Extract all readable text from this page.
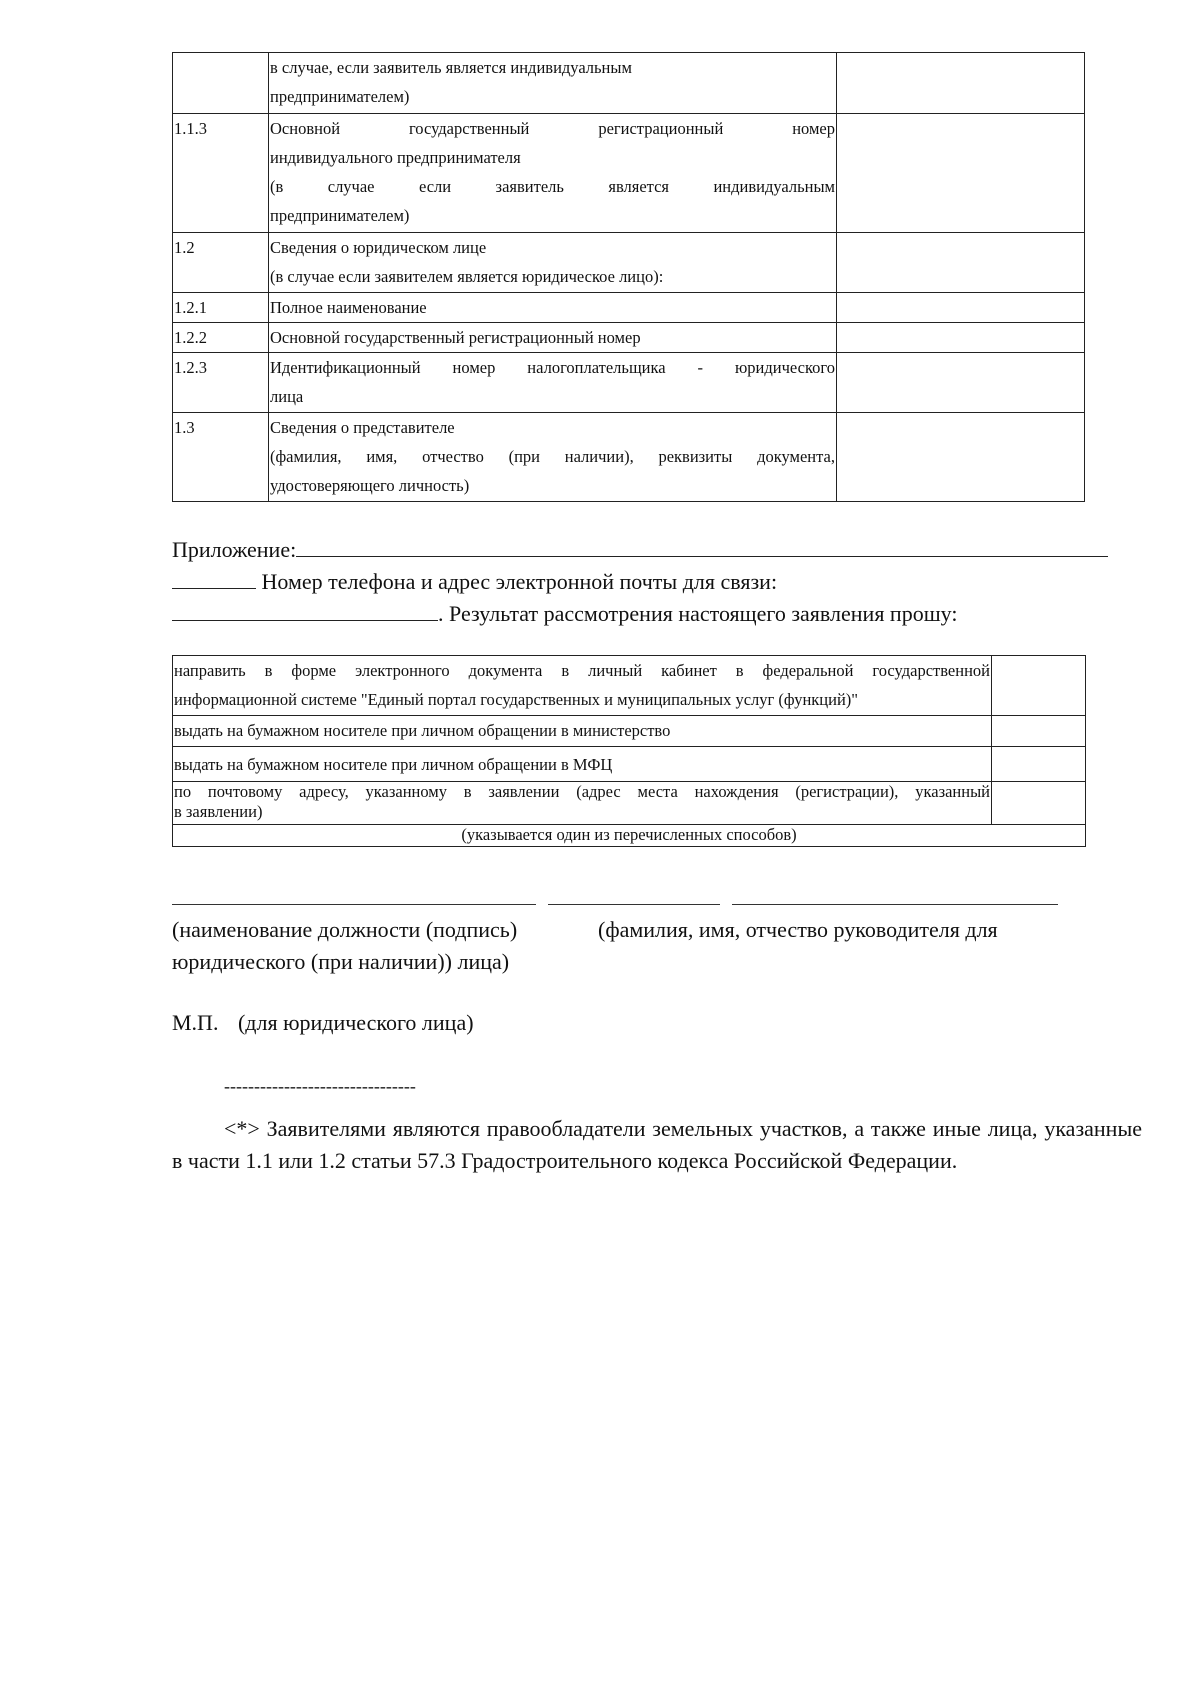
	в случае, если заявитель является индивидуальным
предпринимателем)	

1.1.3	Основной государственный регистрационный номер
индивидуального предпринимателя
(в случае если заявитель является индивидуальным
предпринимателем)	

1.2	Сведения о юридическом лице
(в случае если заявителем является юридическое лицо):	

1.2.1	Полное наименование	

1.2.2	Основной государственный регистрационный номер	

1.2.3	Идентификационный номер налогоплательщика - юридического
лица	

1.3	Сведения о представителе
(фамилия, имя, отчество (при наличии), реквизиты документа,
удостоверяющего личность)	

Приложение:
Номер телефона и адрес электронной почты для связи:
. Результат рассмотрения настоящего заявления прошу:
направить в форме электронного документа в личный кабинет в федеральной государственной
информационной системе "Единый портал государственных и муниципальных услуг (функций)"	

выдать на бумажном носителе при личном обращении в министерство	

выдать на бумажном носителе при личном обращении в МФЦ	

по почтовому адресу, указанному в заявлении (адрес места нахождения (регистрации), указанный
в заявлении)	

(указывается один из перечисленных способов)	
(наименование должности (подпись)	(фамилия, имя, отчество руководителя для
юридического (при наличии)) лица)
М.П. (для юридического лица)
--------------------------------
<*> Заявителями являются правообладатели земельных участков, а также иные лица, указанные в части 1.1 или 1.2 статьи 57.3 Градостроительного кодекса Российской Федерации.
